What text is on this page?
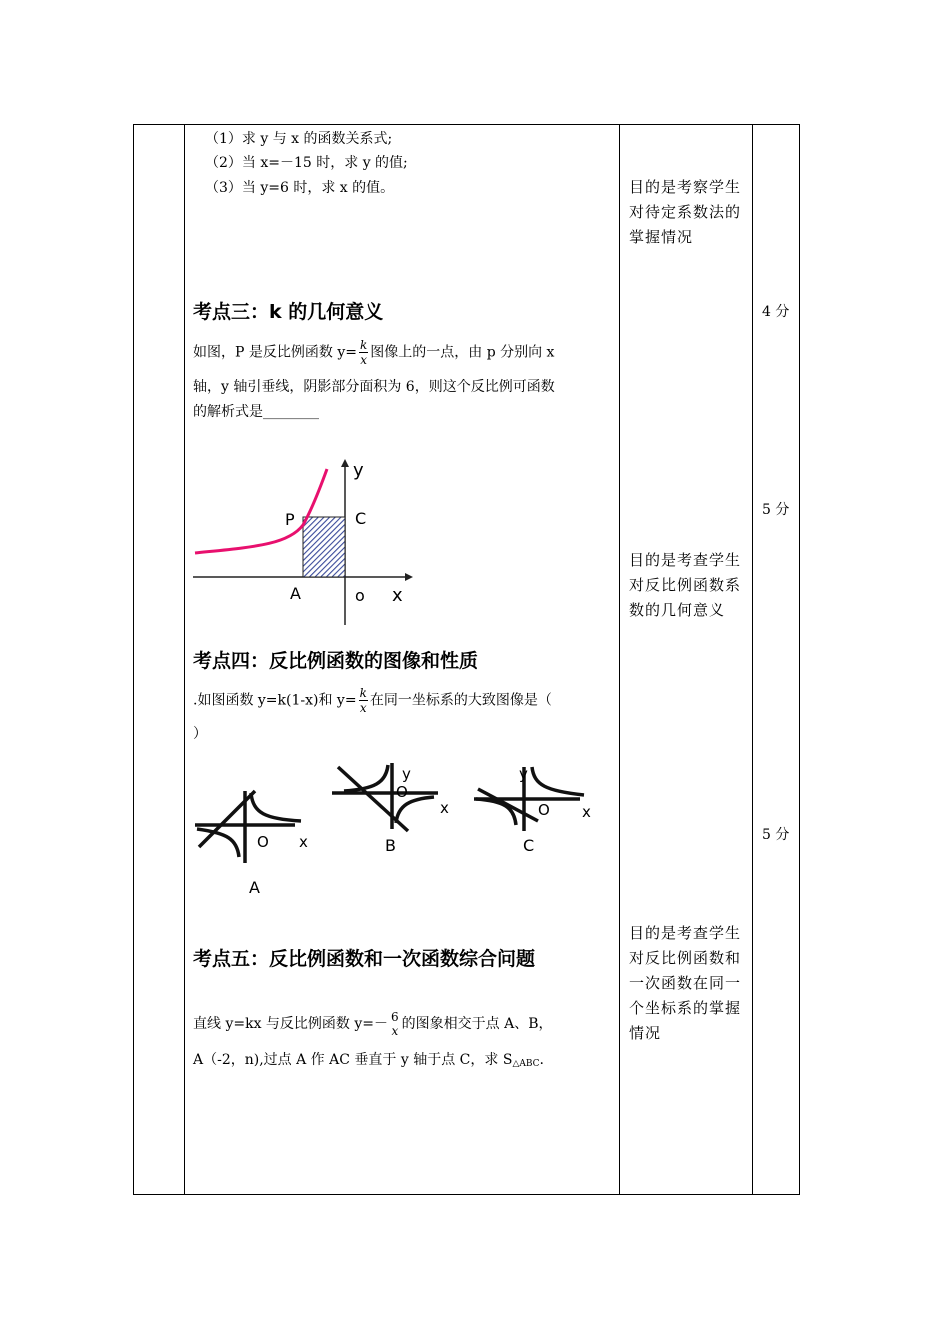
（1）求 y 与 x 的函数关系式;
（2）当 x=－15 时，求 y 的值;
（3）当 y=6 时，求 x 的值。
考点三：k 的几何意义
如图，P 是反比例函数 $y= \frac{k}{x}$ 图像上的一点，由 p 分别向 x
轴，y 轴引垂线，阴影部分面积为 6，则这个反比例可函数
的解析式是________
y
P	C
A	o x
考点四：反比例函数的图像和性质
.如图函数 y=k(1-x)和 $y= \frac{k}{x}$ 在同一坐标系的大致图像是（
）
O x
A
y
O
x
B
y
O x
C
考点五：反比例函数和一次函数综合问题
直线 y=kx 与反比例函数 y=－ 6
x 的图象相交于点 A、B，
A（-2，n),过点 A 作 AC 垂直于 y 轴于点 C，求 $S_{\triangle ABC}$.
目的是考察学生对待定系数法的掌握情况
目的是考查学生对反比例函数系数的几何意义
目的是考查学生对反比例函数和一次函数在同一个坐标系的掌握情况
4 分
5 分
5 分
